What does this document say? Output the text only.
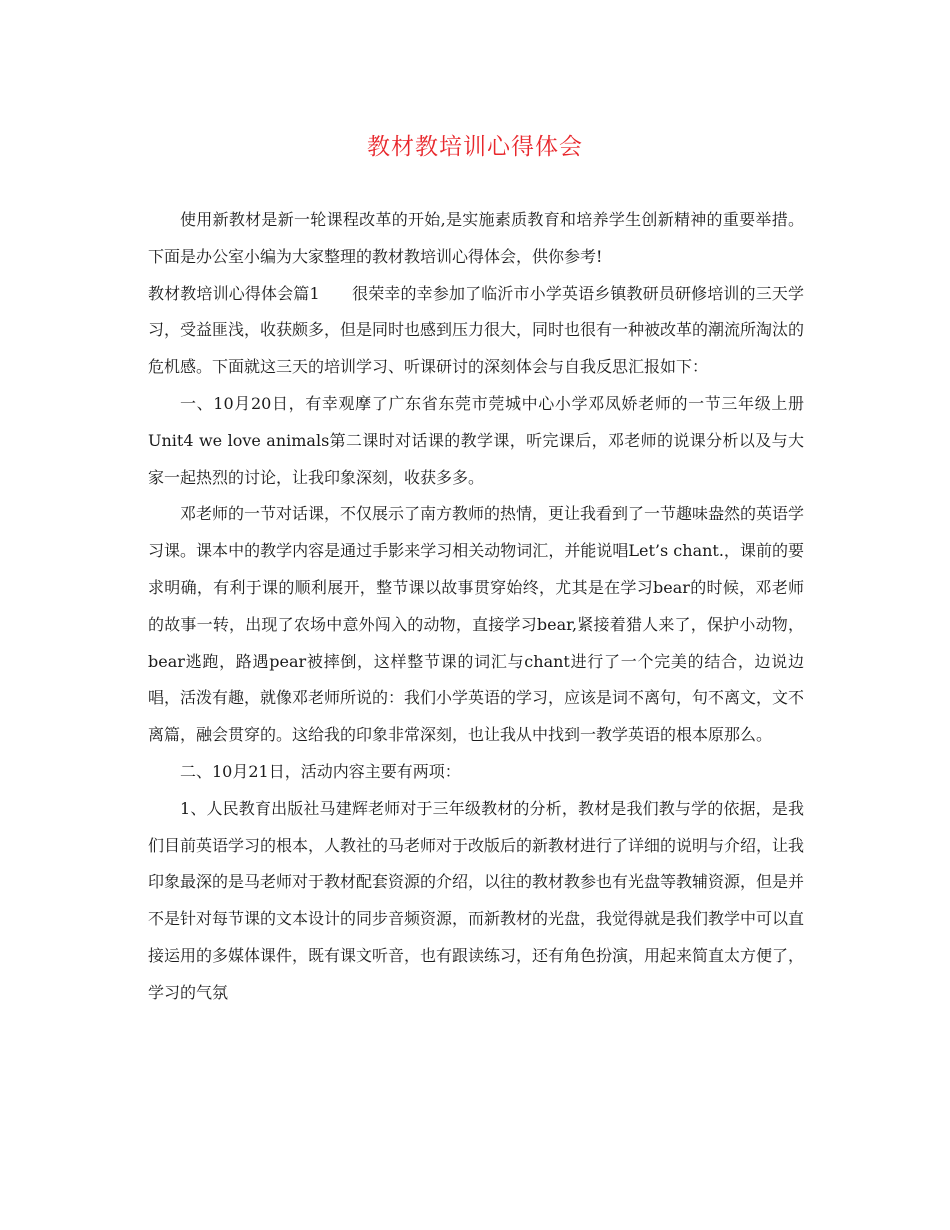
教材教培训心得体会

使用新教材是新一轮课程改革的开始,是实施素质教育和培养学生创新精神的重要举措。下面是办公室小编为大家整理的教材教培训心得体会，供你参考!

教材教培训心得体会篇1　　很荣幸的幸参加了临沂市小学英语乡镇教研员研修培训的三天学习，受益匪浅，收获颇多，但是同时也感到压力很大，同时也很有一种被改革的潮流所淘汰的危机感。下面就这三天的培训学习、听课研讨的深刻体会与自我反思汇报如下：

一、10月20日，有幸观摩了广东省东莞市莞城中心小学邓凤娇老师的一节三年级上册Unit4 we love animals第二课时对话课的教学课，听完课后，邓老师的说课分析以及与大家一起热烈的讨论，让我印象深刻，收获多多。

邓老师的一节对话课，不仅展示了南方教师的热情，更让我看到了一节趣味盎然的英语学习课。课本中的教学内容是通过手影来学习相关动物词汇，并能说唱Let’s chant.，课前的要求明确，有利于课的顺利展开，整节课以故事贯穿始终，尤其是在学习bear的时候，邓老师的故事一转，出现了农场中意外闯入的动物，直接学习bear,紧接着猎人来了，保护小动物，bear逃跑，路遇pear被摔倒，这样整节课的词汇与chant进行了一个完美的结合，边说边唱，活泼有趣，就像邓老师所说的：我们小学英语的学习，应该是词不离句，句不离文，文不离篇，融会贯穿的。这给我的印象非常深刻，也让我从中找到一教学英语的根本原那么。

二、10月21日，活动内容主要有两项：

1、人民教育出版社马建辉老师对于三年级教材的分析，教材是我们教与学的依据，是我们目前英语学习的根本，人教社的马老师对于改版后的新教材进行了详细的说明与介绍，让我印象最深的是马老师对于教材配套资源的介绍，以往的教材教参也有光盘等教辅资源，但是并不是针对每节课的文本设计的同步音频资源，而新教材的光盘，我觉得就是我们教学中可以直接运用的多媒体课件，既有课文听音，也有跟读练习，还有角色扮演，用起来简直太方便了，学习的气氛
